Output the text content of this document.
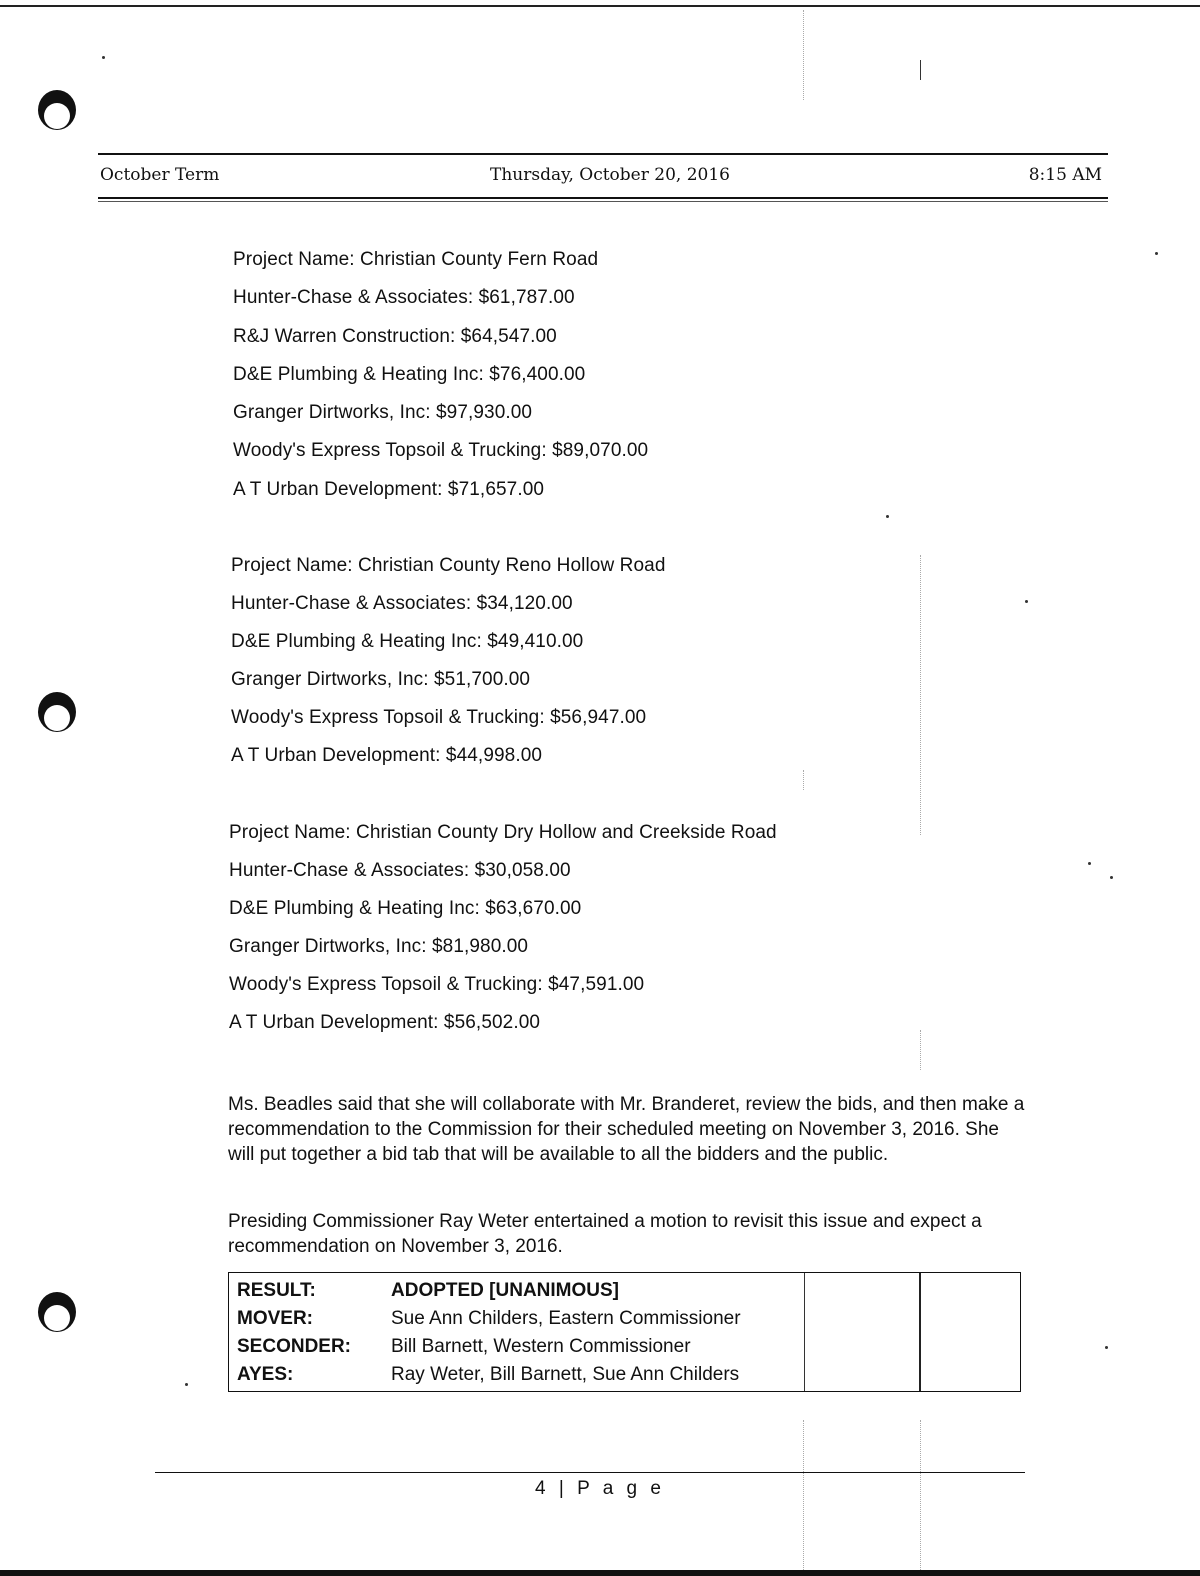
October Term	Thursday, October 20, 2016	8:15 AM
Project Name: Christian County Fern Road
Hunter-Chase & Associates: $61,787.00
R&J Warren Construction: $64,547.00
D&E Plumbing & Heating Inc: $76,400.00
Granger Dirtworks, Inc: $97,930.00
Woody's Express Topsoil & Trucking: $89,070.00
A T Urban Development: $71,657.00
Project Name: Christian County Reno Hollow Road
Hunter-Chase & Associates: $34,120.00
D&E Plumbing & Heating Inc: $49,410.00
Granger Dirtworks, Inc: $51,700.00
Woody's Express Topsoil & Trucking: $56,947.00
A T Urban Development: $44,998.00
Project Name: Christian County Dry Hollow and Creekside Road
Hunter-Chase & Associates: $30,058.00
D&E Plumbing & Heating Inc: $63,670.00
Granger Dirtworks, Inc: $81,980.00
Woody's Express Topsoil & Trucking: $47,591.00
A T Urban Development: $56,502.00
Ms. Beadles said that she will collaborate with Mr. Branderet, review the bids, and then make a recommendation to the Commission for their scheduled meeting on November 3, 2016. She will put together a bid tab that will be available to all the bidders and the public.
Presiding Commissioner Ray Weter entertained a motion to revisit this issue and expect a recommendation on November 3, 2016.
RESULT:	ADOPTED [UNANIMOUS]
MOVER:	Sue Ann Childers, Eastern Commissioner
SECONDER:	Bill Barnett, Western Commissioner
AYES:	Ray Weter, Bill Barnett, Sue Ann Childers
4 | P a g e
